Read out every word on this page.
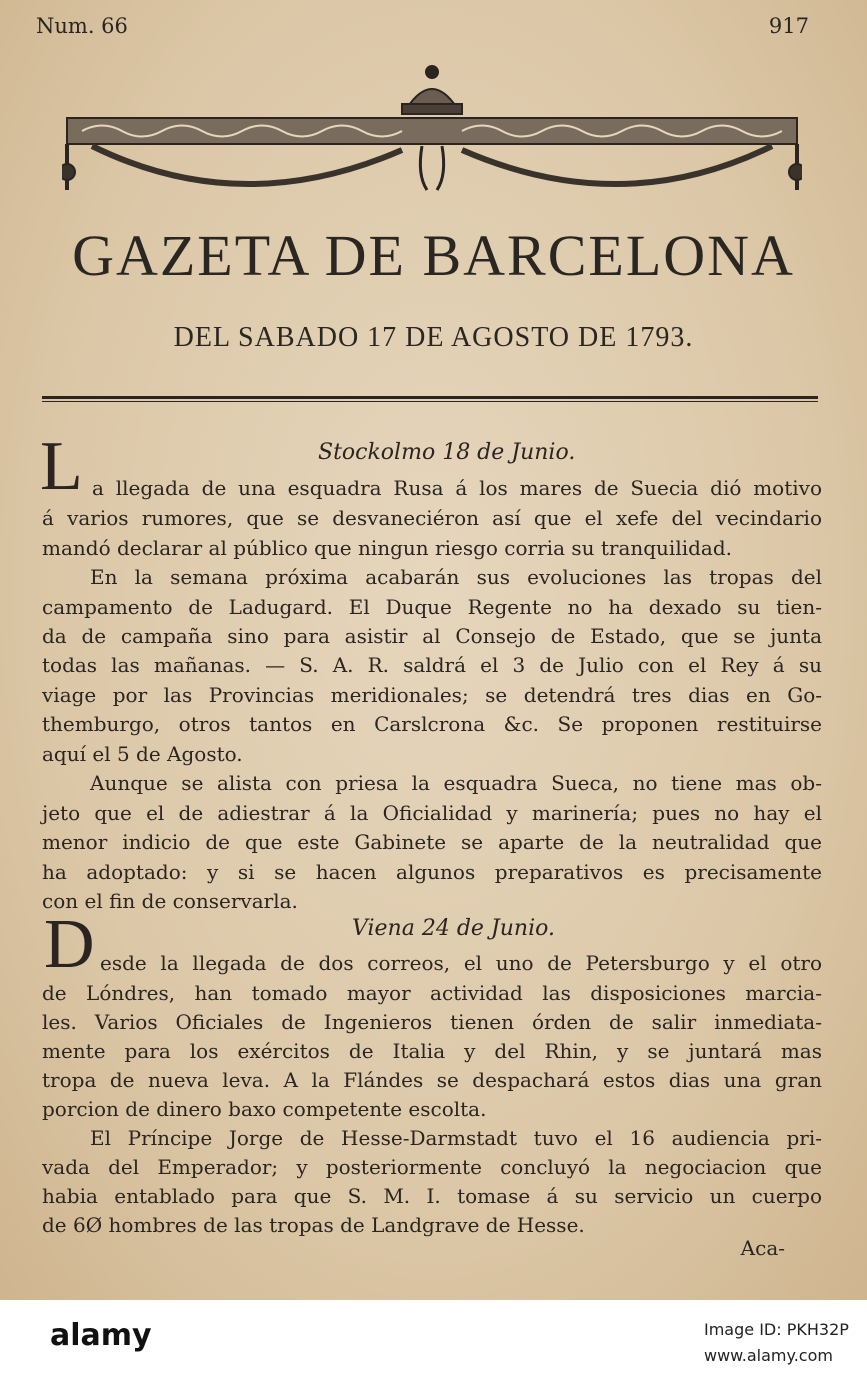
Num. 66	917
GAZETA DE BARCELONA
DEL SABADO 17 DE AGOSTO DE 1793.
Stockolmo 18 de Junio.
L a llegada de una esquadra Rusa á los mares de Suecia dió motivo
á varios rumores, que se desvaneciéron así que el xefe del vecindario
mandó declarar al público que ningun riesgo corria su tranquilidad.
En la semana próxima acabarán sus evoluciones las tropas del
campamento de Ladugard. El Duque Regente no ha dexado su tien-
da de campaña sino para asistir al Consejo de Estado, que se junta
todas las mañanas. — S. A. R. saldrá el 3 de Julio con el Rey á su
viage por las Provincias meridionales; se detendrá tres dias en Go-
themburgo, otros tantos en Carslcrona &c. Se proponen restituirse
aquí el 5 de Agosto.
Aunque se alista con priesa la esquadra Sueca, no tiene mas ob-
jeto que el de adiestrar á la Oficialidad y marinería; pues no hay el
menor indicio de que este Gabinete se aparte de la neutralidad que
ha adoptado: y si se hacen algunos preparativos es precisamente
con el fin de conservarla.
Viena 24 de Junio.
D esde la llegada de dos correos, el uno de Petersburgo y el otro
de Lóndres, han tomado mayor actividad las disposiciones marcia-
les. Varios Oficiales de Ingenieros tienen órden de salir inmediata-
mente para los exércitos de Italia y del Rhin, y se juntará mas
tropa de nueva leva. A la Flándes se despachará estos dias una gran
porcion de dinero baxo competente escolta.
El Príncipe Jorge de Hesse-Darmstadt tuvo el 16 audiencia pri-
vada del Emperador; y posteriormente concluyó la negociacion que
habia entablado para que S. M. I. tomase á su servicio un cuerpo
de 6Ø hombres de las tropas de Landgrave de Hesse.
Aca-
alamy	Image ID: PKH32P
www.alamy.com
